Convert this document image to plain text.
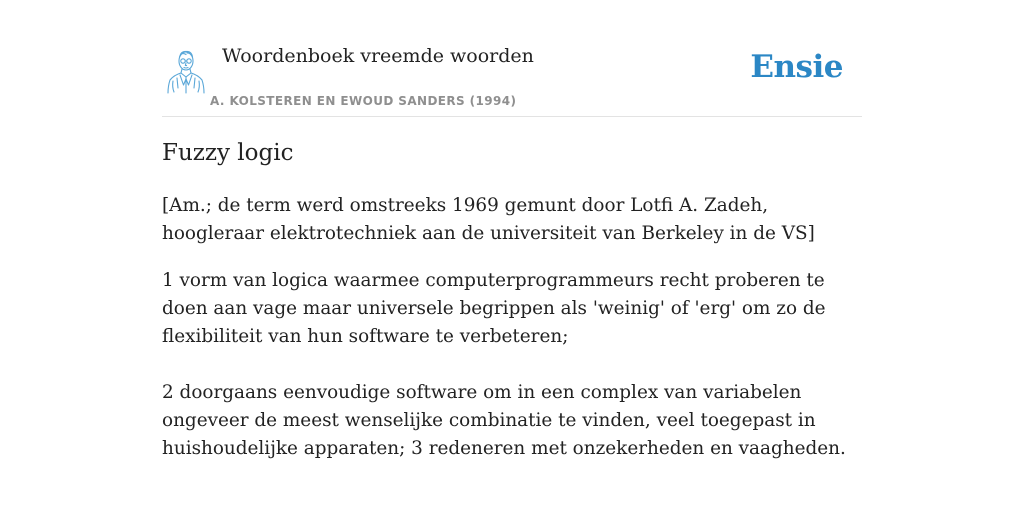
Woordenboek vreemde woorden
A. KOLSTEREN EN EWOUD SANDERS (1994)
Ensie
Fuzzy logic

[Am.; de term werd omstreeks 1969 gemunt door Lotfi A. Zadeh, hoogleraar elektrotechniek aan de universiteit van Berkeley in de VS]

1 vorm van logica waarmee computerprogrammeurs recht proberen te doen aan vage maar universele begrippen als 'weinig' of 'erg' om zo de flexibiliteit van hun software te verbeteren;

2 doorgaans eenvoudige software om in een complex van variabelen ongeveer de meest wenselijke combinatie te vinden, veel toegepast in huishoudelijke apparaten; 3 redeneren met onzekerheden en vaagheden.
